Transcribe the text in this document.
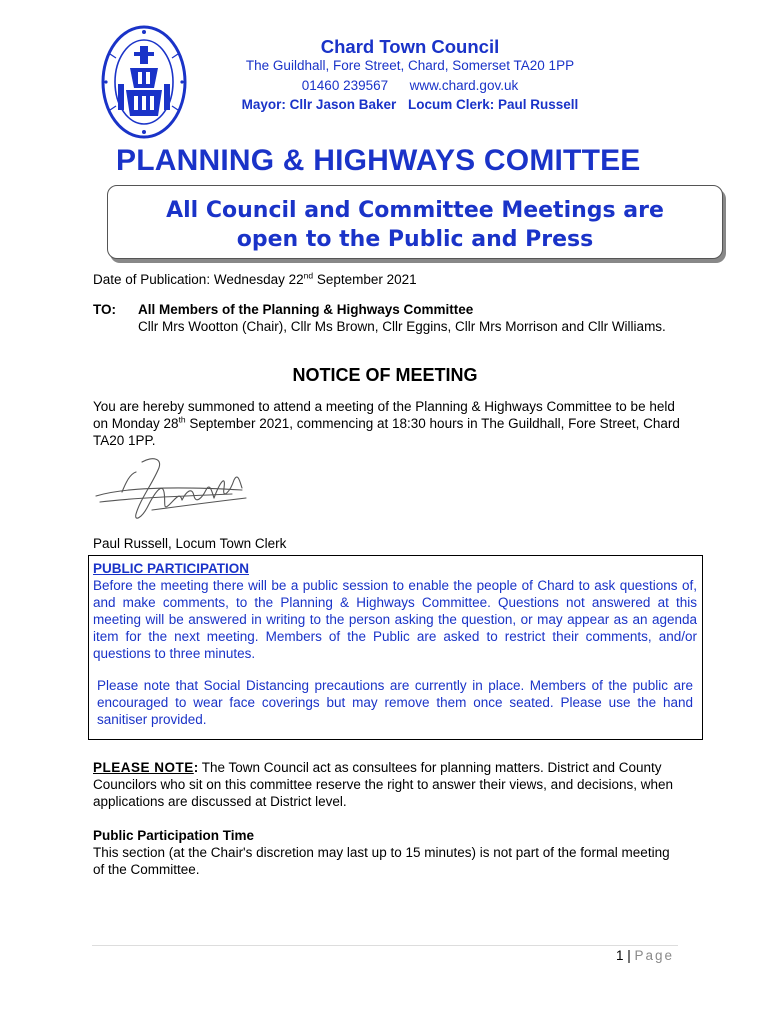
Chard Town Council
The Guildhall, Fore Street, Chard, Somerset TA20 1PP
01460 239567 www.chard.gov.uk
Mayor: Cllr Jason Baker Locum Clerk: Paul Russell
PLANNING & HIGHWAYS COMITTEE
All Council and Committee Meetings are
open to the Public and Press
Date of Publication: Wednesday 22nd September 2021
TO: All Members of the Planning & Highways Committee
Cllr Mrs Wootton (Chair), Cllr Ms Brown, Cllr Eggins, Cllr Mrs Morrison and Cllr Williams.
NOTICE OF MEETING
You are hereby summoned to attend a meeting of the Planning & Highways Committee to be held on Monday 28th September 2021, commencing at 18:30 hours in The Guildhall, Fore Street, Chard TA20 1PP.
Paul Russell, Locum Town Clerk
PUBLIC PARTICIPATION
Before the meeting there will be a public session to enable the people of Chard to ask questions of, and make comments, to the Planning & Highways Committee. Questions not answered at this meeting will be answered in writing to the person asking the question, or may appear as an agenda item for the next meeting. Members of the Public are asked to restrict their comments, and/or questions to three minutes.
Please note that Social Distancing precautions are currently in place. Members of the public are encouraged to wear face coverings but may remove them once seated. Please use the hand sanitiser provided.
PLEASE NOTE: The Town Council act as consultees for planning matters. District and County Councilors who sit on this committee reserve the right to answer their views, and decisions, when applications are discussed at District level.
Public Participation Time
This section (at the Chair's discretion may last up to 15 minutes) is not part of the formal meeting of the Committee.
1 | Page
